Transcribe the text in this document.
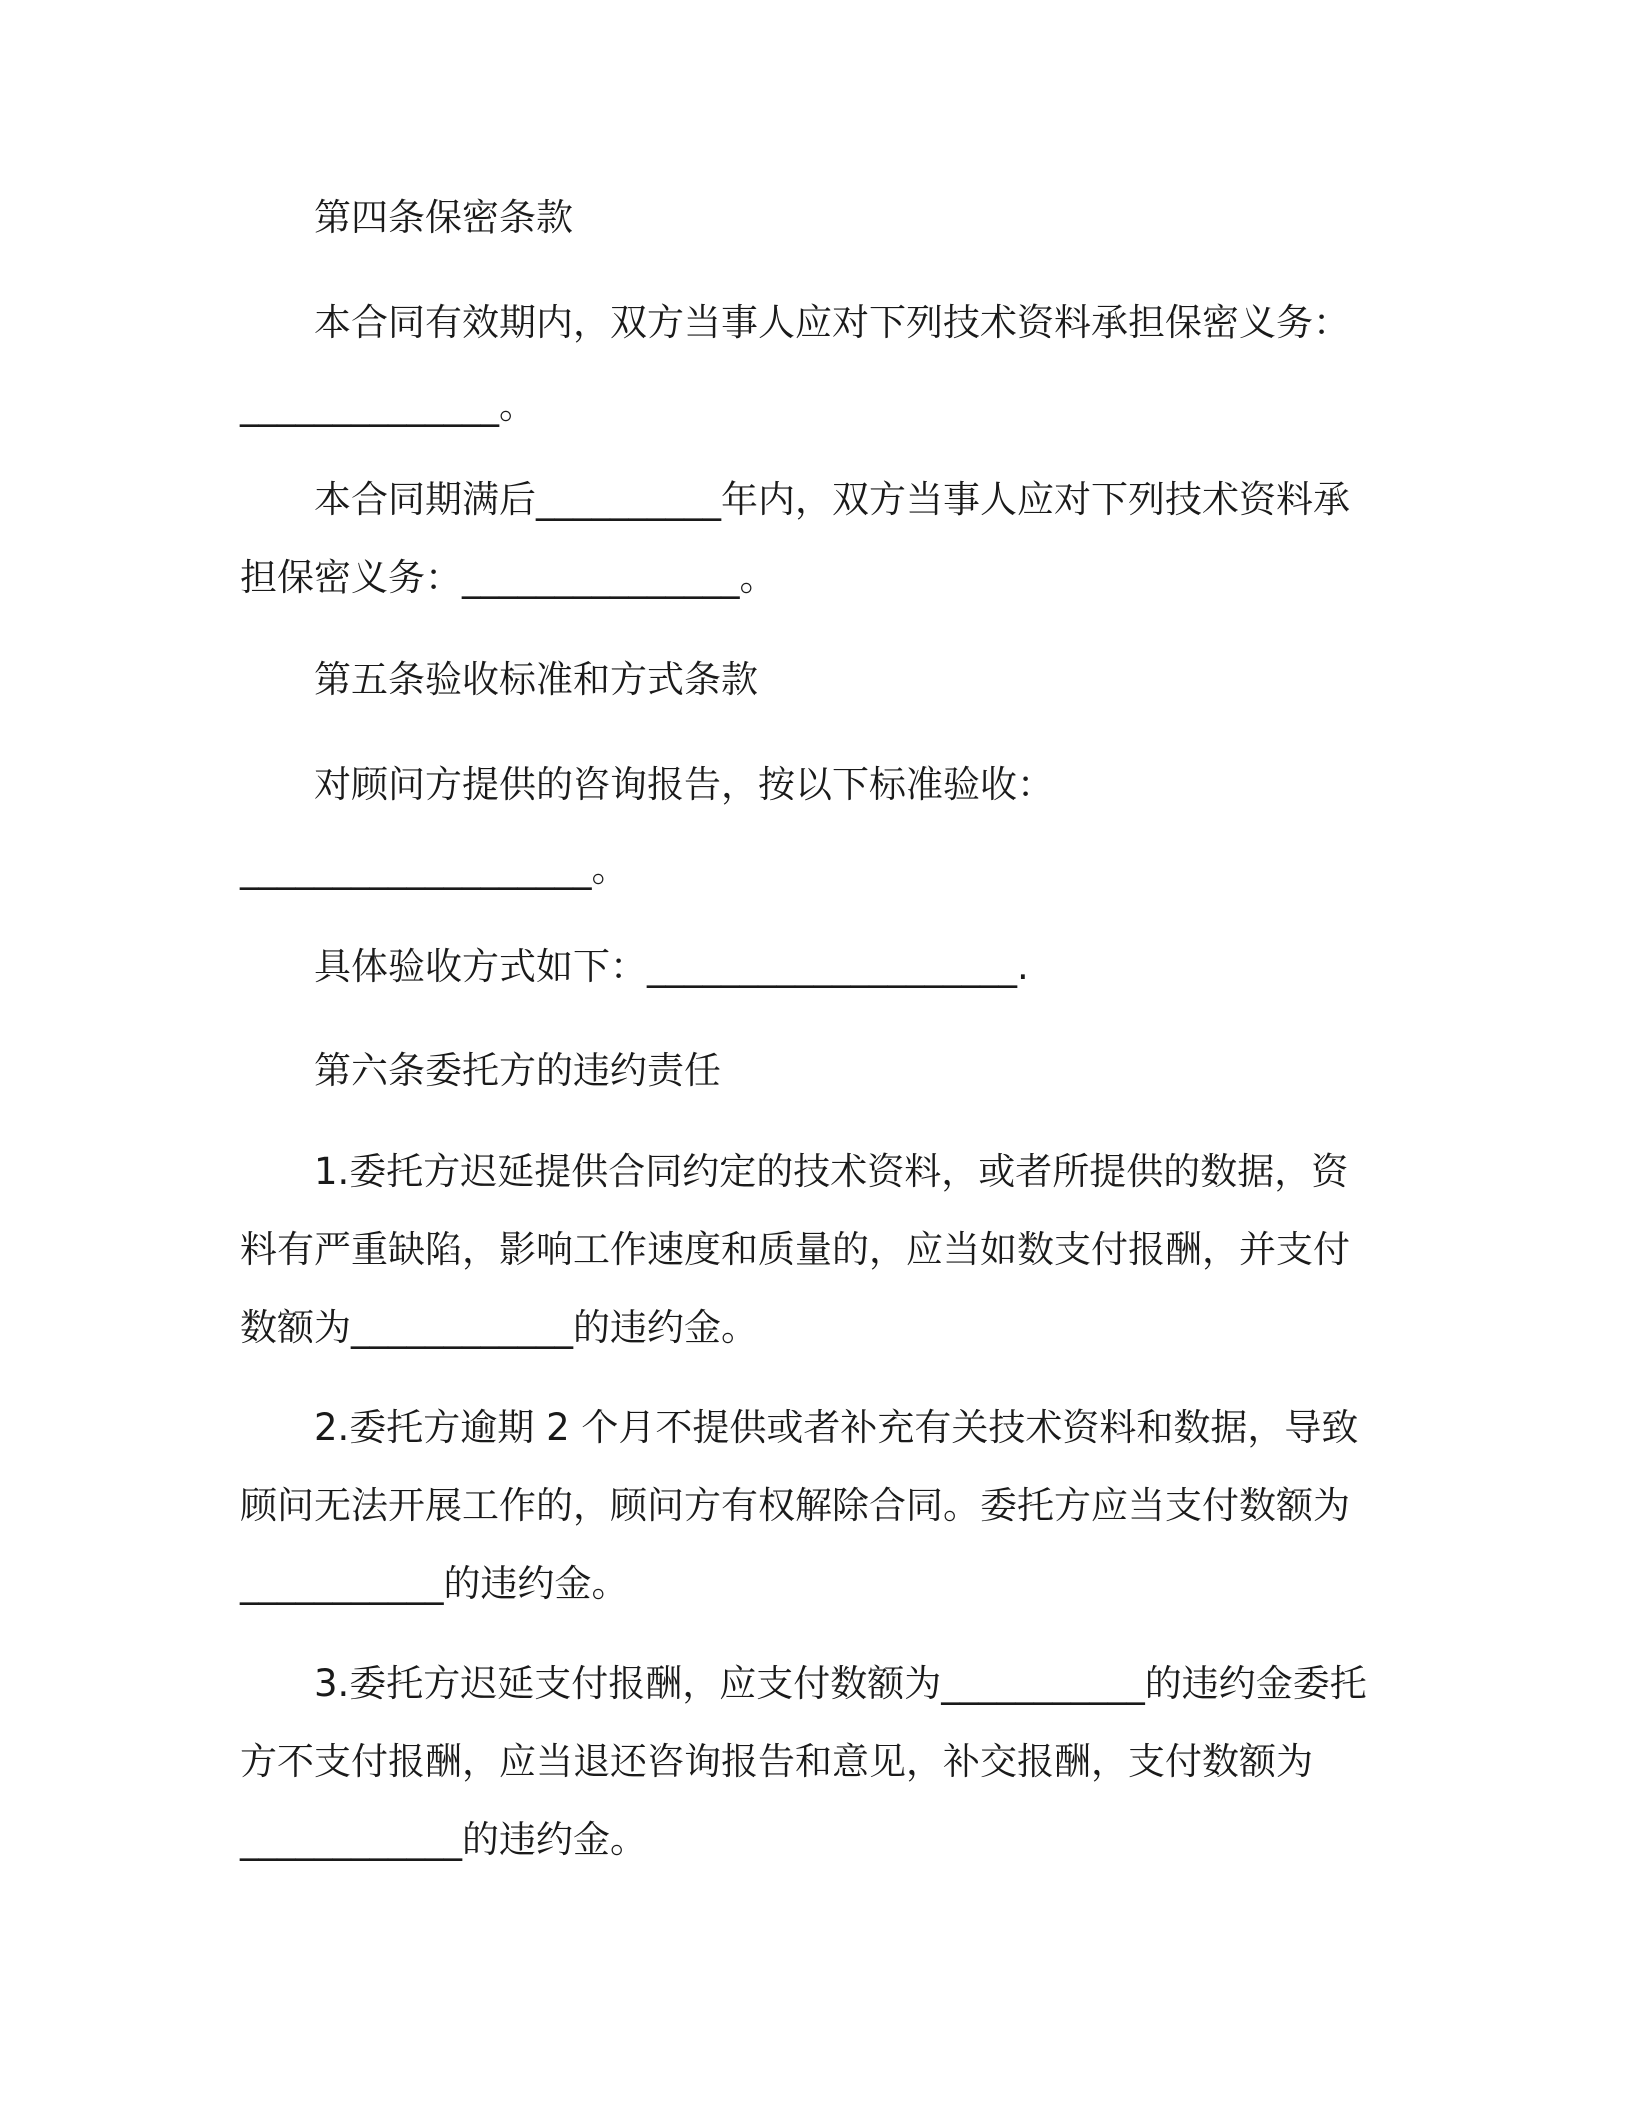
第四条保密条款

本合同有效期内，双方当事人应对下列技术资料承担保密义务：

______________。

本合同期满后__________年内，双方当事人应对下列技术资料承

担保密义务：_______________。

第五条验收标准和方式条款

对顾问方提供的咨询报告，按以下标准验收：

___________________。

具体验收方式如下：____________________.

第六条委托方的违约责任

1.委托方迟延提供合同约定的技术资料，或者所提供的数据，资

料有严重缺陷，影响工作速度和质量的，应当如数支付报酬，并支付

数额为____________的违约金。

2.委托方逾期 2 个月不提供或者补充有关技术资料和数据，导致

顾问无法开展工作的，顾问方有权解除合同。委托方应当支付数额为

___________的违约金。

3.委托方迟延支付报酬，应支付数额为___________的违约金委托

方不支付报酬，应当退还咨询报告和意见，补交报酬，支付数额为

____________的违约金。
